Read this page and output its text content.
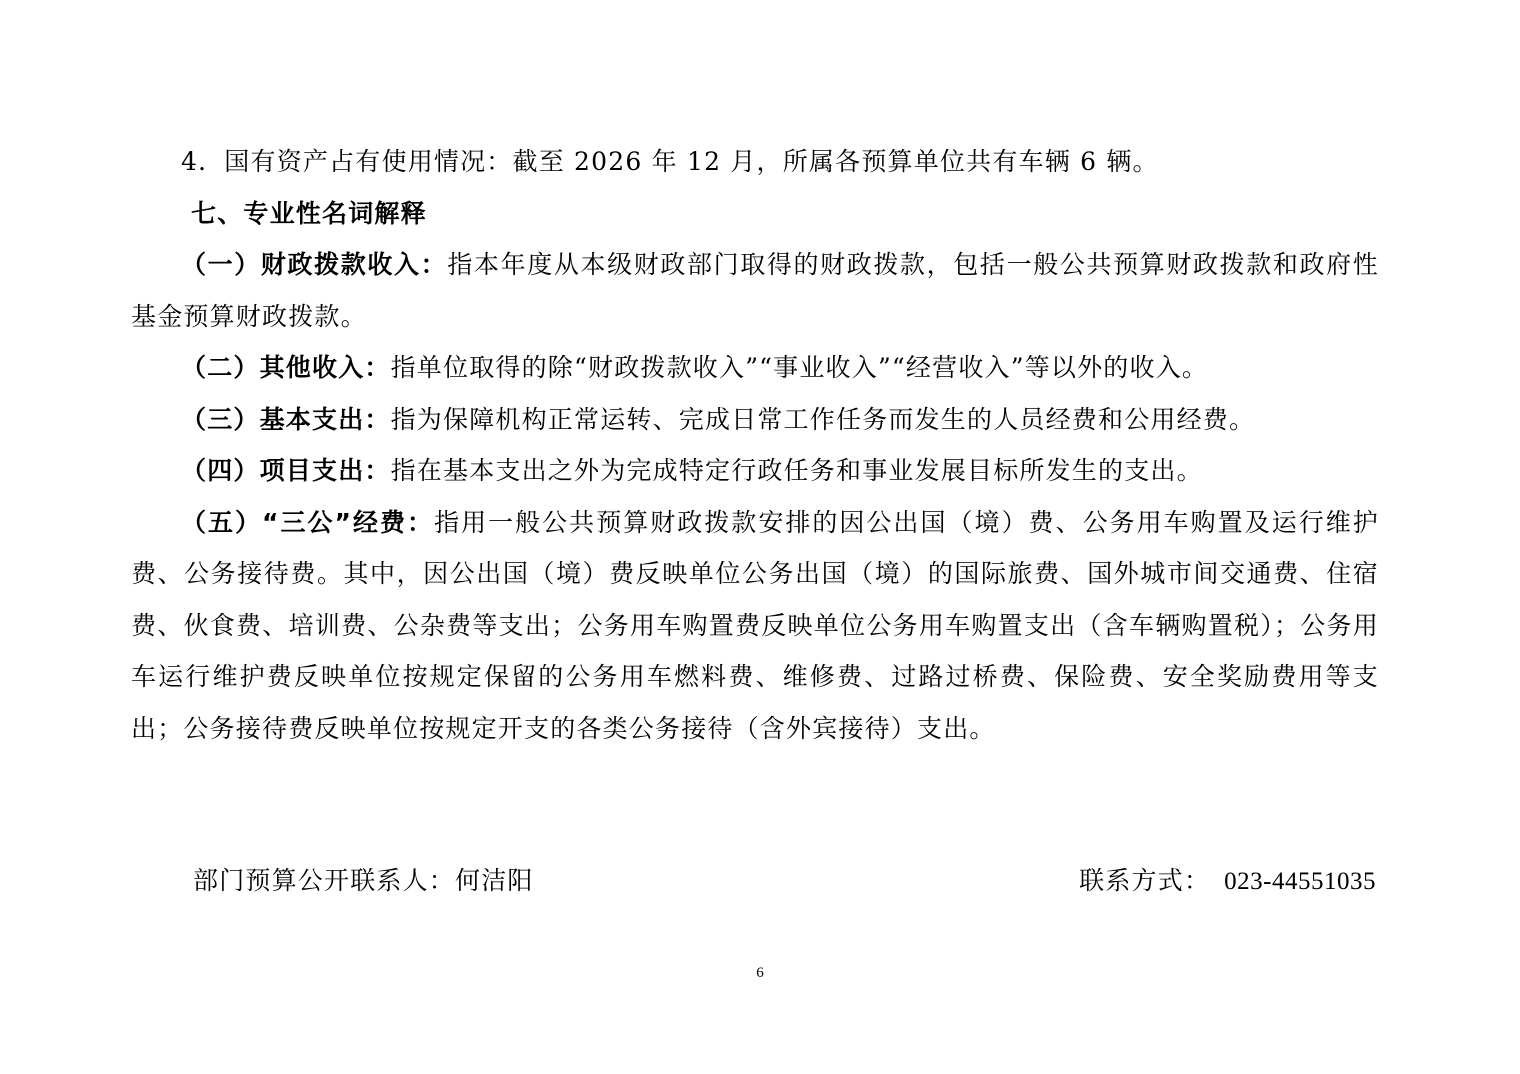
4．国有资产占有使用情况：截至 2026 年 12 月，所属各预算单位共有车辆 6 辆。

七、专业性名词解释

（一）财政拨款收入：指本年度从本级财政部门取得的财政拨款，包括一般公共预算财政拨款和政府性基金预算财政拨款。

（二）其他收入：指单位取得的除“财政拨款收入”“事业收入”“经营收入”等以外的收入。

（三）基本支出：指为保障机构正常运转、完成日常工作任务而发生的人员经费和公用经费。

（四）项目支出：指在基本支出之外为完成特定行政任务和事业发展目标所发生的支出。

（五）“三公”经费：指用一般公共预算财政拨款安排的因公出国（境）费、公务用车购置及运行维护费、公务接待费。其中，因公出国（境）费反映单位公务出国（境）的国际旅费、国外城市间交通费、住宿费、伙食费、培训费、公杂费等支出；公务用车购置费反映单位公务用车购置支出（含车辆购置税）；公务用车运行维护费反映单位按规定保留的公务用车燃料费、维修费、过路过桥费、保险费、安全奖励费用等支出；公务接待费反映单位按规定开支的各类公务接待（含外宾接待）支出。

部门预算公开联系人：何洁阳	联系方式： 023-44551035
6
